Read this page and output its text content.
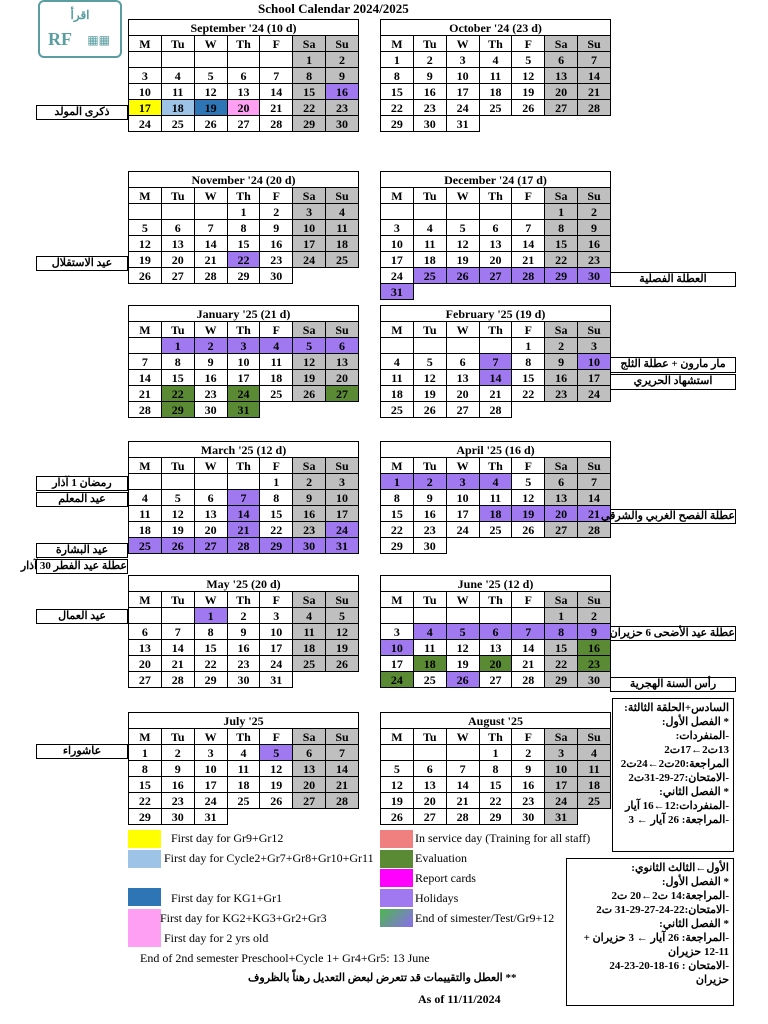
اقرأ
RF ▦▦
School Calendar 2024/2025
September '24 (10 d)						
M	Tu	W	Th	F	Sa	Su
					1	2
3	4	5	6	7	8	9
10	11	12	13	14	15	16
17	18	19	20	21	22	23
24	25	26	27	28	29	30
October '24 (23 d)						
M	Tu	W	Th	F	Sa	Su
1	2	3	4	5	6	7
8	9	10	11	12	13	14
15	16	17	18	19	20	21
22	23	24	25	26	27	28
29	30	31				
November '24 (20 d)						
M	Tu	W	Th	F	Sa	Su
			1	2	3	4
5	6	7	8	9	10	11
12	13	14	15	16	17	18
19	20	21	22	23	24	25
26	27	28	29	30		
December '24 (17 d)						
M	Tu	W	Th	F	Sa	Su
					1	2
3	4	5	6	7	8	9
10	11	12	13	14	15	16
17	18	19	20	21	22	23
24	25	26	27	28	29	30
31						
January '25 (21 d)						
M	Tu	W	Th	F	Sa	Su
	1	2	3	4	5	6
7	8	9	10	11	12	13
14	15	16	17	18	19	20
21	22	23	24	25	26	27
28	29	30	31			
February '25 (19 d)						
M	Tu	W	Th	F	Sa	Su
				1	2	3
4	5	6	7	8	9	10
11	12	13	14	15	16	17
18	19	20	21	22	23	24
25	26	27	28			
March '25 (12 d)						
M	Tu	W	Th	F	Sa	Su
				1	2	3
4	5	6	7	8	9	10
11	12	13	14	15	16	17
18	19	20	21	22	23	24
25	26	27	28	29	30	31
April '25 (16 d)						
M	Tu	W	Th	F	Sa	Su
1	2	3	4	5	6	7
8	9	10	11	12	13	14
15	16	17	18	19	20	21
22	23	24	25	26	27	28
29	30					
May '25 (20 d)						
M	Tu	W	Th	F	Sa	Su
		1	2	3	4	5
6	7	8	9	10	11	12
13	14	15	16	17	18	19
20	21	22	23	24	25	26
27	28	29	30	31		
June '25 (12 d)						
M	Tu	W	Th	F	Sa	Su
					1	2
3	4	5	6	7	8	9
10	11	12	13	14	15	16
17	18	19	20	21	22	23
24	25	26	27	28	29	30
July '25						
M	Tu	W	Th	F	Sa	Su
1	2	3	4	5	6	7
8	9	10	11	12	13	14
15	16	17	18	19	20	21
22	23	24	25	26	27	28
29	30	31				
August '25						
M	Tu	W	Th	F	Sa	Su
			1	2	3	4
5	6	7	8	9	10	11
12	13	14	15	16	17	18
19	20	21	22	23	24	25
26	27	28	29	30	31	
ذكرى المولد
عيد الاستقلال
العطلة الفصلية
مار مارون + عطلة الثلج
استشهاد الحريري
رمضان 1 آذار
عيد المعلم
عطلة الفصح الغربي والشرقي
عيد البشارة
عطلة عيد الفطر 30 آذار
عيد العمال
عطلة عيد الأضحى 6 حزيران
رأس السنة الهجرية
عاشوراء
First day for Gr9+Gr12
First day for Cycle2+Gr7+Gr8+Gr10+Gr11
First day for KG1+Gr1
First day for KG2+KG3+Gr2+Gr3
First day for 2 yrs old
In service day (Training for all staff)
Evaluation
Report cards
Holidays
End of simester/Test/Gr9+12
السادس+الحلقة الثالثة:
* الفصل الأول:
-المنفردات:
13ت2←17ت2
المراجعة:20ت2←24ت2
-الامتحان:27-29-31ت2
* الفصل الثاني:
-المنفردات:12←16 آيار
-المراجعة: 26 آيار ← 3
الأول←الثالث الثانوي:
* الفصل الأول:
-المراجعة:14 ت2←20 ت2
-الامتحان:22-24-27-29-31 ت2
* الفصل الثاني:
-المراجعة: 26 آيار ← 3 حزيران +
12-11 حزيران
-الامتحان : 16-18-20-23-24
حزيران
End of 2nd semester Preschool+Cycle 1+ Gr4+Gr5: 13 June
** العطل والتقييمات قد تتعرض لبعض التعديل رهناً بالظروف
As of 11/11/2024
